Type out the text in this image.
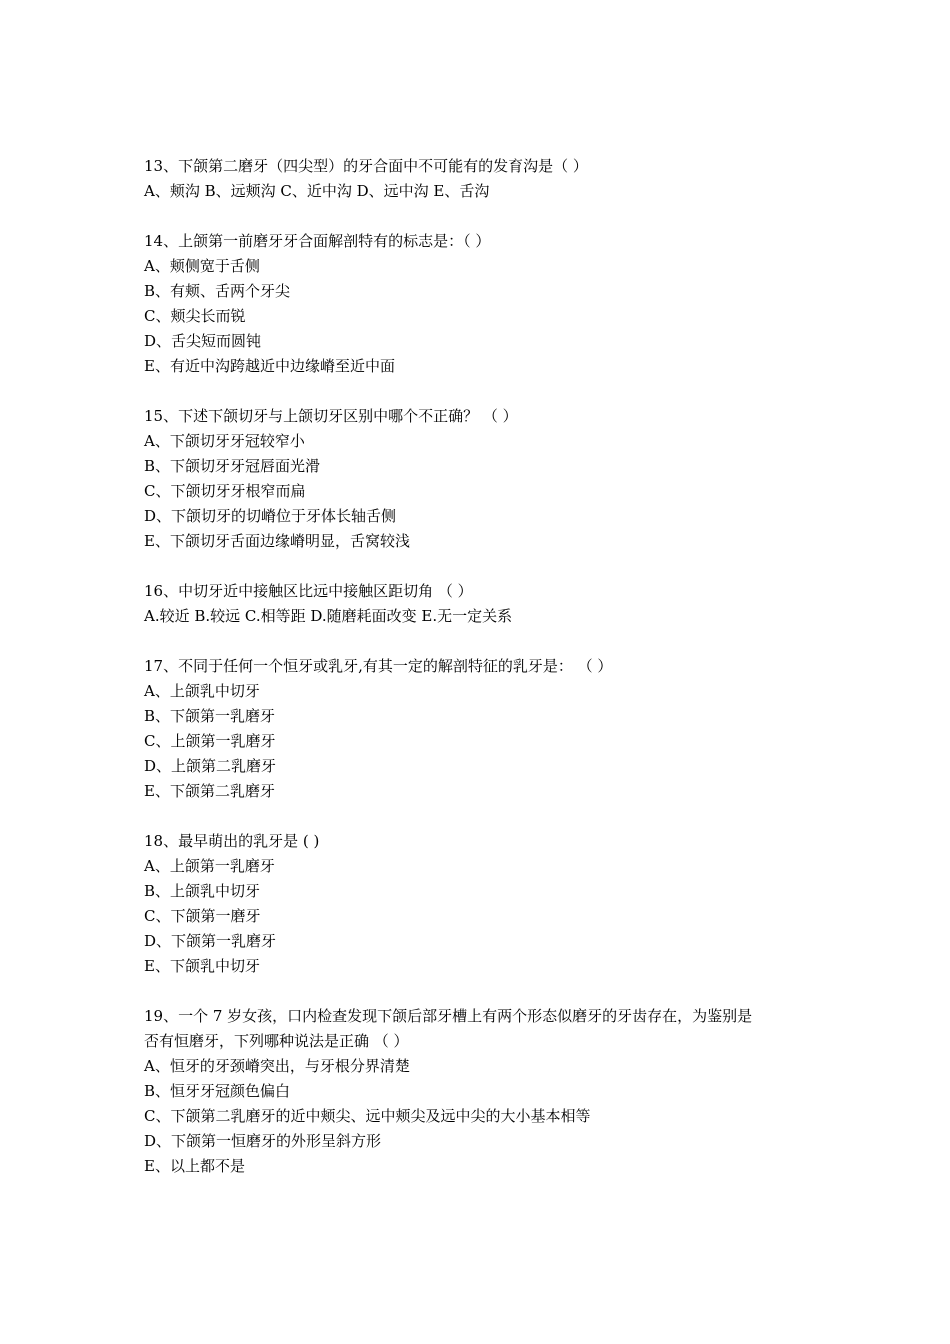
13、下颌第二磨牙（四尖型）的牙合面中不可能有的发育沟是（ ）
A、颊沟 B、远颊沟 C、近中沟 D、远中沟 E、舌沟
14、上颌第一前磨牙牙合面解剖特有的标志是：（ ）
A、颊侧宽于舌侧
B、有颊、舌两个牙尖
C、颊尖长而锐
D、舌尖短而圆钝
E、有近中沟跨越近中边缘嵴至近中面
15、下述下颌切牙与上颌切牙区别中哪个不正确？ （ ）
A、下颌切牙牙冠较窄小
B、下颌切牙牙冠唇面光滑
C、下颌切牙牙根窄而扁
D、下颌切牙的切嵴位于牙体长轴舌侧
E、下颌切牙舌面边缘嵴明显，舌窝较浅
16、中切牙近中接触区比远中接触区距切角 （ ）
A.较近 B.较远 C.相等距 D.随磨耗面改变 E.无一定关系
17、不同于任何一个恒牙或乳牙,有其一定的解剖特征的乳牙是： （ ）
A、上颌乳中切牙
B、下颌第一乳磨牙
C、上颌第一乳磨牙
D、上颌第二乳磨牙
E、下颌第二乳磨牙
18、最早萌出的乳牙是 ( )
A、上颌第一乳磨牙
B、上颌乳中切牙
C、下颌第一磨牙
D、下颌第一乳磨牙
E、下颌乳中切牙
19、一个 7 岁女孩，口内检查发现下颌后部牙槽上有两个形态似磨牙的牙齿存在，为鉴别是
否有恒磨牙，下列哪种说法是正确 （ ）
A、恒牙的牙颈嵴突出，与牙根分界清楚
B、恒牙牙冠颜色偏白
C、下颌第二乳磨牙的近中颊尖、远中颊尖及远中尖的大小基本相等
D、下颌第一恒磨牙的外形呈斜方形
E、以上都不是
